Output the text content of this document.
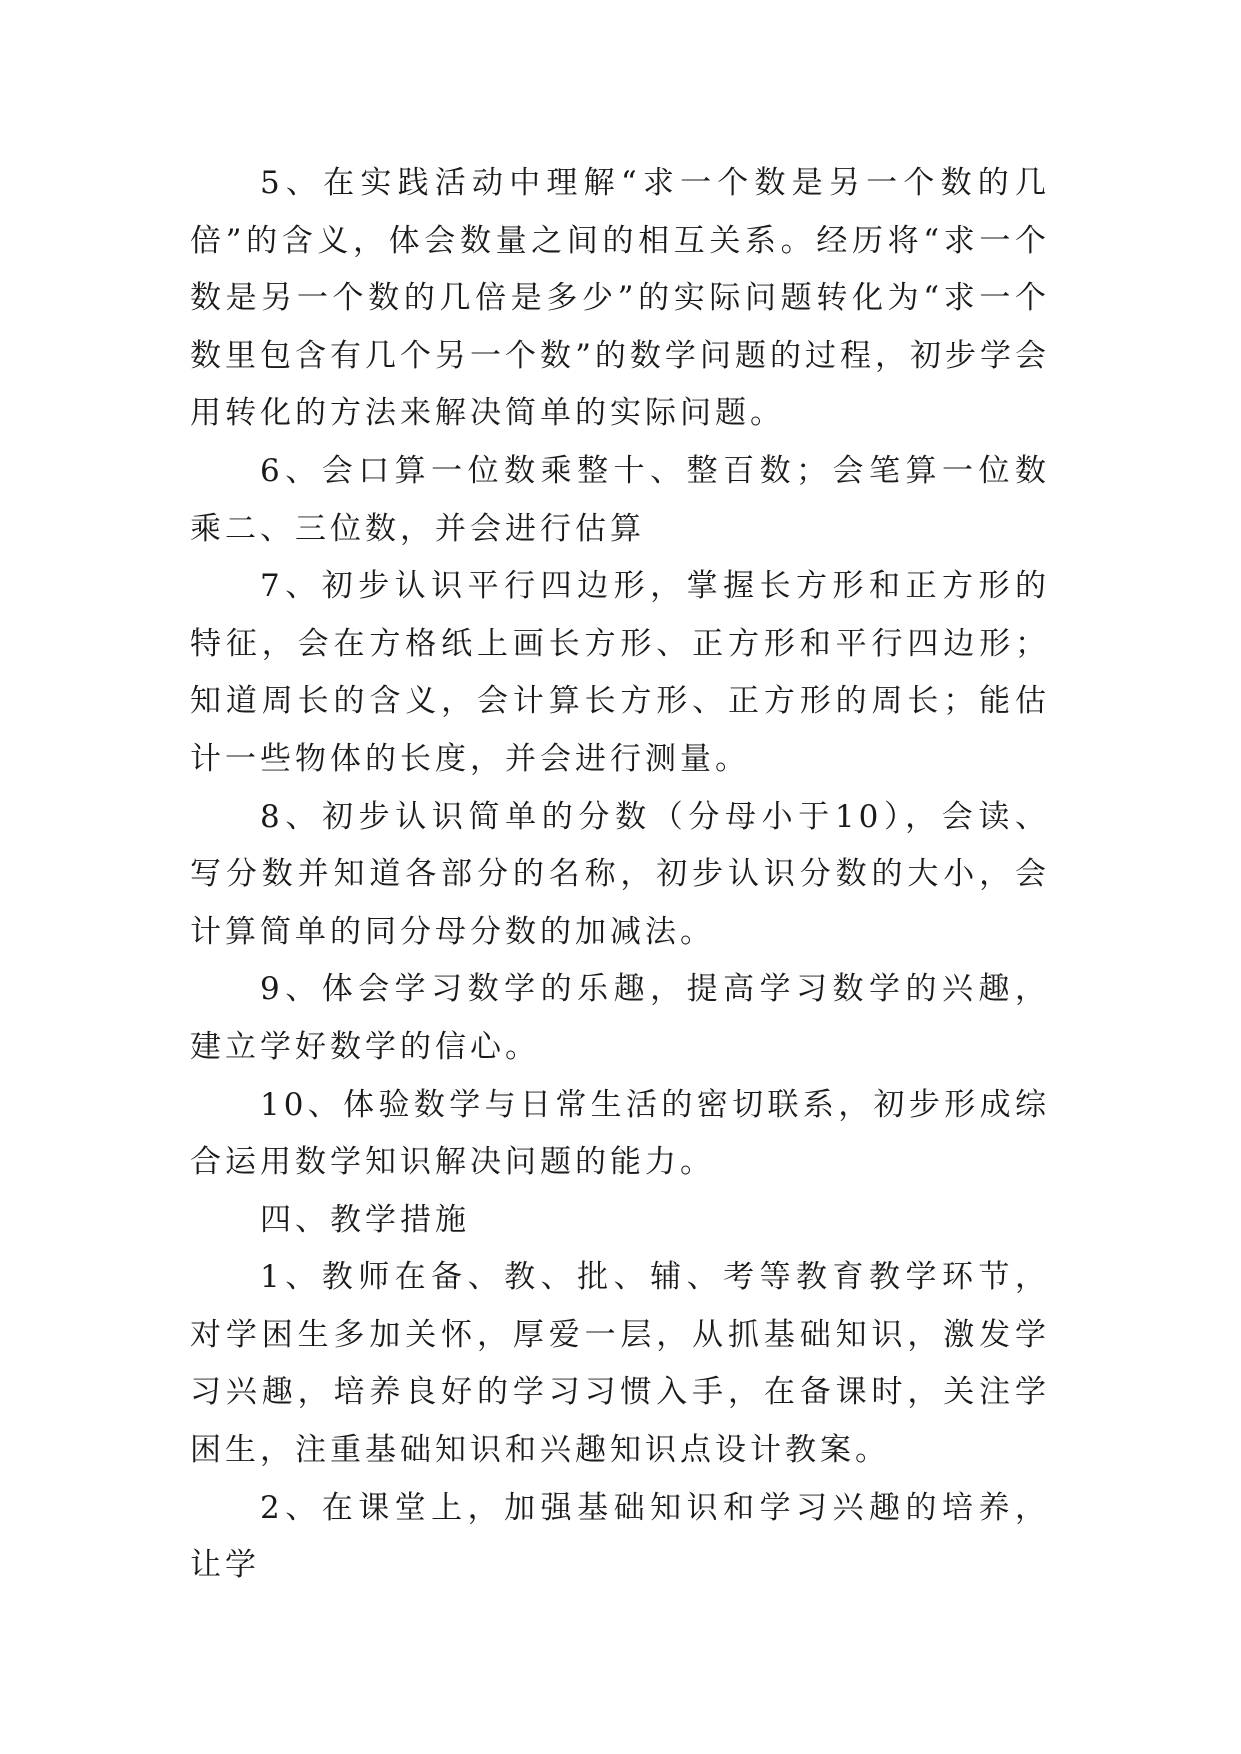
5、在实践活动中理解“求一个数是另一个数的几倍”的含义，体会数量之间的相互关系。经历将“求一个数是另一个数的几倍是多少”的实际问题转化为“求一个数里包含有几个另一个数”的数学问题的过程，初步学会用转化的方法来解决简单的实际问题。

6、会口算一位数乘整十、整百数；会笔算一位数乘二、三位数，并会进行估算

7、初步认识平行四边形，掌握长方形和正方形的特征，会在方格纸上画长方形、正方形和平行四边形；知道周长的含义，会计算长方形、正方形的周长；能估计一些物体的长度，并会进行测量。

8、初步认识简单的分数（分母小于10），会读、写分数并知道各部分的名称，初步认识分数的大小，会计算简单的同分母分数的加减法。

9、体会学习数学的乐趣，提高学习数学的兴趣，建立学好数学的信心。

10、体验数学与日常生活的密切联系，初步形成综合运用数学知识解决问题的能力。

四、教学措施

1、教师在备、教、批、辅、考等教育教学环节，对学困生多加关怀，厚爱一层，从抓基础知识，激发学习兴趣，培养良好的学习习惯入手，在备课时，关注学困生，注重基础知识和兴趣知识点设计教案。

2、在课堂上，加强基础知识和学习兴趣的培养，让学
